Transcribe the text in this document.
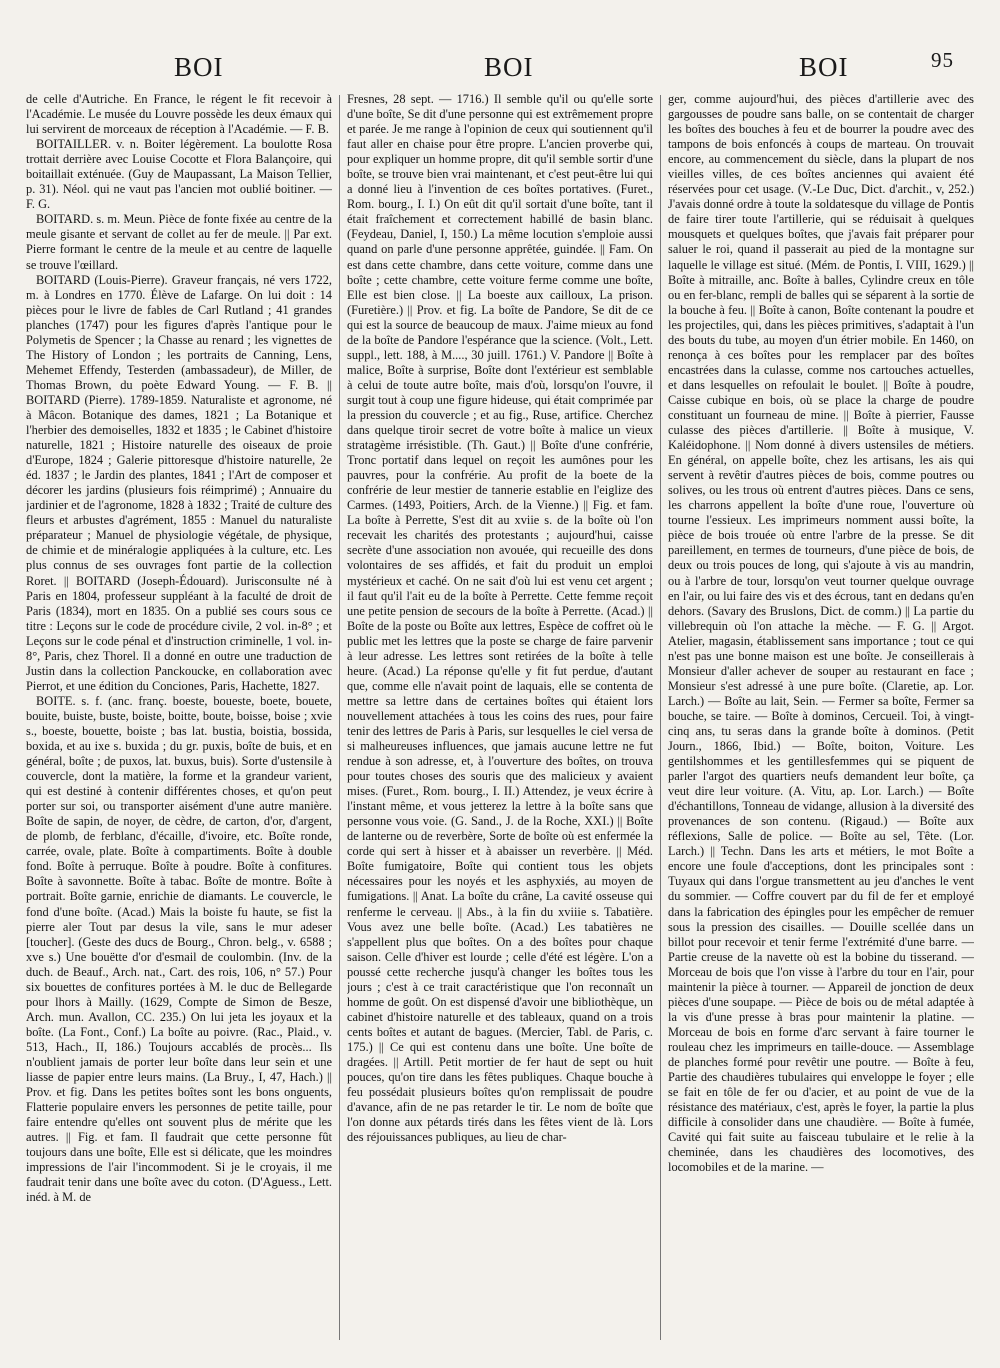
BOI	BOI	BOI	95

de celle d'Autriche. En France, le régent le fit recevoir à l'Académie. Le musée du Louvre possède les deux émaux qui lui servirent de morceaux de réception à l'Académie. — F. B.

BOITAILLER. v. n. Boiter légèrement. La boulotte Rosa trottait derrière avec Louise Cocotte et Flora Balançoire, qui boitaillait exténuée. (Guy de Maupassant, La Maison Tellier, p. 31). Néol. qui ne vaut pas l'ancien mot oublié boitiner. — F. G.

BOITARD. s. m. Meun. Pièce de fonte fixée au centre de la meule gisante et servant de collet au fer de meule. || Par ext. Pierre formant le centre de la meule et au centre de laquelle se trouve l'œillard.

BOITARD (Louis-Pierre). Graveur français, né vers 1722, m. à Londres en 1770. Élève de Lafarge. On lui doit : 14 pièces pour le livre de fables de Carl Rutland ; 41 grandes planches (1747) pour les figures d'après l'antique pour le Polymetis de Spencer ; la Chasse au renard ; les vignettes de The History of London ; les portraits de Canning, Lens, Mehemet Effendy, Testerden (ambassadeur), de Miller, de Thomas Brown, du poète Edward Young. — F. B. || BOITARD (Pierre). 1789-1859. Naturaliste et agronome, né à Mâcon. Botanique des dames, 1821 ; La Botanique et l'herbier des demoiselles, 1832 et 1835 ; le Cabinet d'histoire naturelle, 1821 ; Histoire naturelle des oiseaux de proie d'Europe, 1824 ; Galerie pittoresque d'histoire naturelle, 2e éd. 1837 ; le Jardin des plantes, 1841 ; l'Art de composer et décorer les jardins (plusieurs fois réimprimé) ; Annuaire du jardinier et de l'agronome, 1828 à 1832 ; Traité de culture des fleurs et arbustes d'agrément, 1855 : Manuel du naturaliste préparateur ; Manuel de physiologie végétale, de physique, de chimie et de minéralogie appliquées à la culture, etc. Les plus connus de ses ouvrages font partie de la collection Roret. || BOITARD (Joseph-Édouard). Jurisconsulte né à Paris en 1804, professeur suppléant à la faculté de droit de Paris (1834), mort en 1835. On a publié ses cours sous ce titre : Leçons sur le code de procédure civile, 2 vol. in-8° ; et Leçons sur le code pénal et d'instruction criminelle, 1 vol. in-8°, Paris, chez Thorel. Il a donné en outre une traduction de Justin dans la collection Panckoucke, en collaboration avec Pierrot, et une édition du Conciones, Paris, Hachette, 1827.

BOITE. s. f. (anc. franç. boeste, boueste, boete, bouete, bouite, buiste, buste, boiste, boitte, boute, boisse, boise ; xvie s., boeste, bouette, boiste ; bas lat. bustia, boistia, bossida, boxida, et au ixe s. buxida ; du gr. puxis, boîte de buis, et en général, boîte ; de puxos, lat. buxus, buis). Sorte d'ustensile à couvercle, dont la matière, la forme et la grandeur varient, qui est destiné à contenir différentes choses, et qu'on peut porter sur soi, ou transporter aisément d'une autre manière. Boîte de sapin, de noyer, de cèdre, de carton, d'or, d'argent, de plomb, de ferblanc, d'écaille, d'ivoire, etc. Boîte ronde, carrée, ovale, plate. Boîte à compartiments. Boîte à double fond. Boîte à perruque. Boîte à poudre. Boîte à confitures. Boîte à savonnette. Boîte à tabac. Boîte de montre. Boîte à portrait. Boîte garnie, enrichie de diamants. Le couvercle, le fond d'une boîte. (Acad.) Mais la boiste fu haute, se fist la pierre aler Tout par desus la vile, sans le mur adeser [toucher]. (Geste des ducs de Bourg., Chron. belg., v. 6588 ; xve s.) Une bouëtte d'or d'esmail de coulombin. (Inv. de la duch. de Beauf., Arch. nat., Cart. des rois, 106, n° 57.) Pour six bouettes de confitures portées à M. le duc de Bellegarde pour lhors à Mailly. (1629, Compte de Simon de Besze, Arch. mun. Avallon, CC. 235.) On lui jeta les joyaux et la boîte. (La Font., Conf.) La boîte au poivre. (Rac., Plaid., v. 513, Hach., II, 186.) Toujours accablés de procès... Ils n'oublient jamais de porter leur boîte dans leur sein et une liasse de papier entre leurs mains. (La Bruy., I, 47, Hach.) || Prov. et fig. Dans les petites boîtes sont les bons onguents, Flatterie populaire envers les personnes de petite taille, pour faire entendre qu'elles ont souvent plus de mérite que les autres. || Fig. et fam. Il faudrait que cette personne fût toujours dans une boîte, Elle est si délicate, que les moindres impressions de l'air l'incommodent. Si je le croyais, il me faudrait tenir dans une boîte avec du coton. (D'Aguess., Lett. inéd. à M. de

Fresnes, 28 sept. — 1716.) Il semble qu'il ou qu'elle sorte d'une boîte, Se dit d'une personne qui est extrêmement propre et parée. Je me range à l'opinion de ceux qui soutiennent qu'il faut aller en chaise pour être propre. L'ancien proverbe qui, pour expliquer un homme propre, dit qu'il semble sortir d'une boîte, se trouve bien vrai maintenant, et c'est peut-être lui qui a donné lieu à l'invention de ces boîtes portatives. (Furet., Rom. bourg., I. I.) On eût dit qu'il sortait d'une boîte, tant il était fraîchement et correctement habillé de basin blanc. (Feydeau, Daniel, I, 150.) La même locution s'emploie aussi quand on parle d'une personne apprêtée, guindée. || Fam. On est dans cette chambre, dans cette voiture, comme dans une boîte ; cette chambre, cette voiture ferme comme une boîte, Elle est bien close. || La boeste aux cailloux, La prison. (Furetière.) || Prov. et fig. La boîte de Pandore, Se dit de ce qui est la source de beaucoup de maux. J'aime mieux au fond de la boîte de Pandore l'espérance que la science. (Volt., Lett. suppl., lett. 188, à M...., 30 juill. 1761.) V. Pandore || Boîte à malice, Boîte à surprise, Boîte dont l'extérieur est semblable à celui de toute autre boîte, mais d'où, lorsqu'on l'ouvre, il surgit tout à coup une figure hideuse, qui était comprimée par la pression du couvercle ; et au fig., Ruse, artifice. Cherchez dans quelque tiroir secret de votre boîte à malice un vieux stratagème irrésistible. (Th. Gaut.) || Boîte d'une confrérie, Tronc portatif dans lequel on reçoit les aumônes pour les pauvres, pour la confrérie. Au profit de la boete de la confrérie de leur mestier de tannerie establie en l'eiglize des Carmes. (1493, Poitiers, Arch. de la Vienne.) || Fig. et fam. La boîte à Perrette, S'est dit au xviie s. de la boîte où l'on recevait les charités des protestants ; aujourd'hui, caisse secrète d'une association non avouée, qui recueille des dons volontaires de ses affidés, et fait du produit un emploi mystérieux et caché. On ne sait d'où lui est venu cet argent ; il faut qu'il l'ait eu de la boîte à Perrette. Cette femme reçoit une petite pension de secours de la boîte à Perrette. (Acad.) || Boîte de la poste ou Boîte aux lettres, Espèce de coffret où le public met les lettres que la poste se charge de faire parvenir à leur adresse. Les lettres sont retirées de la boîte à telle heure. (Acad.) La réponse qu'elle y fit fut perdue, d'autant que, comme elle n'avait point de laquais, elle se contenta de mettre sa lettre dans de certaines boîtes qui étaient lors nouvellement attachées à tous les coins des rues, pour faire tenir des lettres de Paris à Paris, sur lesquelles le ciel versa de si malheureuses influences, que jamais aucune lettre ne fut rendue à son adresse, et, à l'ouverture des boîtes, on trouva pour toutes choses des souris que des malicieux y avaient mises. (Furet., Rom. bourg., I. II.) Attendez, je veux écrire à l'instant même, et vous jetterez la lettre à la boîte sans que personne vous voie. (G. Sand., J. de la Roche, XXI.) || Boîte de lanterne ou de reverbère, Sorte de boîte où est enfermée la corde qui sert à hisser et à abaisser un reverbère. || Méd. Boîte fumigatoire, Boîte qui contient tous les objets nécessaires pour les noyés et les asphyxiés, au moyen de fumigations. || Anat. La boîte du crâne, La cavité osseuse qui renferme le cerveau. || Abs., à la fin du xviiie s. Tabatière. Vous avez une belle boîte. (Acad.) Les tabatières ne s'appellent plus que boîtes. On a des boîtes pour chaque saison. Celle d'hiver est lourde ; celle d'été est légère. L'on a poussé cette recherche jusqu'à changer les boîtes tous les jours ; c'est à ce trait caractéristique que l'on reconnaît un homme de goût. On est dispensé d'avoir une bibliothèque, un cabinet d'histoire naturelle et des tableaux, quand on a trois cents boîtes et autant de bagues. (Mercier, Tabl. de Paris, c. 175.) || Ce qui est contenu dans une boîte. Une boîte de dragées. || Artill. Petit mortier de fer haut de sept ou huit pouces, qu'on tire dans les fêtes publiques. Chaque bouche à feu possédait plusieurs boîtes qu'on remplissait de poudre d'avance, afin de ne pas retarder le tir. Le nom de boîte que l'on donne aux pétards tirés dans les fêtes vient de là. Lors des réjouissances publiques, au lieu de char-

ger, comme aujourd'hui, des pièces d'artillerie avec des gargousses de poudre sans balle, on se contentait de charger les boîtes des bouches à feu et de bourrer la poudre avec des tampons de bois enfoncés à coups de marteau. On trouvait encore, au commencement du siècle, dans la plupart de nos vieilles villes, de ces boîtes anciennes qui avaient été réservées pour cet usage. (V.-Le Duc, Dict. d'archit., v, 252.) J'avais donné ordre à toute la soldatesque du village de Pontis de faire tirer toute l'artillerie, qui se réduisait à quelques mousquets et quelques boîtes, que j'avais fait préparer pour saluer le roi, quand il passerait au pied de la montagne sur laquelle le village est situé. (Mém. de Pontis, I. VIII, 1629.) || Boîte à mitraille, anc. Boîte à balles, Cylindre creux en tôle ou en fer-blanc, rempli de balles qui se séparent à la sortie de la bouche à feu. || Boîte à canon, Boîte contenant la poudre et les projectiles, qui, dans les pièces primitives, s'adaptait à l'un des bouts du tube, au moyen d'un étrier mobile. En 1460, on renonça à ces boîtes pour les remplacer par des boîtes encastrées dans la culasse, comme nos cartouches actuelles, et dans lesquelles on refoulait le boulet. || Boîte à poudre, Caisse cubique en bois, où se place la charge de poudre constituant un fourneau de mine. || Boîte à pierrier, Fausse culasse des pièces d'artillerie. || Boîte à musique, V. Kaléidophone. || Nom donné à divers ustensiles de métiers. En général, on appelle boîte, chez les artisans, les ais qui servent à revêtir d'autres pièces de bois, comme poutres ou solives, ou les trous où entrent d'autres pièces. Dans ce sens, les charrons appellent la boîte d'une roue, l'ouverture où tourne l'essieux. Les imprimeurs nomment aussi boîte, la pièce de bois trouée où entre l'arbre de la presse. Se dit pareillement, en termes de tourneurs, d'une pièce de bois, de deux ou trois pouces de long, qui s'ajoute à vis au mandrin, ou à l'arbre de tour, lorsqu'on veut tourner quelque ouvrage en l'air, ou lui faire des vis et des écrous, tant en dedans qu'en dehors. (Savary des Bruslons, Dict. de comm.) || La partie du villebrequin où l'on attache la mèche. — F. G. || Argot. Atelier, magasin, établissement sans importance ; tout ce qui n'est pas une bonne maison est une boîte. Je conseillerais à Monsieur d'aller achever de souper au restaurant en face ; Monsieur s'est adressé à une pure boîte. (Claretie, ap. Lor. Larch.) — Boîte au lait, Sein. — Fermer sa boîte, Fermer sa bouche, se taire. — Boîte à dominos, Cercueil. Toi, à vingt-cinq ans, tu seras dans la grande boîte à dominos. (Petit Journ., 1866, Ibid.) — Boîte, boiton, Voiture. Les gentilshommes et les gentillesfemmes qui se piquent de parler l'argot des quartiers neufs demandent leur boîte, ça veut dire leur voiture. (A. Vitu, ap. Lor. Larch.) — Boîte d'échantillons, Tonneau de vidange, allusion à la diversité des provenances de son contenu. (Rigaud.) — Boîte aux réflexions, Salle de police. — Boîte au sel, Tête. (Lor. Larch.) || Techn. Dans les arts et métiers, le mot Boîte a encore une foule d'acceptions, dont les principales sont : Tuyaux qui dans l'orgue transmettent au jeu d'anches le vent du sommier. — Coffre couvert par du fil de fer et employé dans la fabrication des épingles pour les empêcher de remuer sous la pression des cisailles. — Douille scellée dans un billot pour recevoir et tenir ferme l'extrémité d'une barre. — Partie creuse de la navette où est la bobine du tisserand. — Morceau de bois que l'on visse à l'arbre du tour en l'air, pour maintenir la pièce à tourner. — Appareil de jonction de deux pièces d'une soupape. — Pièce de bois ou de métal adaptée à la vis d'une presse à bras pour maintenir la platine. — Morceau de bois en forme d'arc servant à faire tourner le rouleau chez les imprimeurs en taille-douce. — Assemblage de planches formé pour revêtir une poutre. — Boîte à feu, Partie des chaudières tubulaires qui enveloppe le foyer ; elle se fait en tôle de fer ou d'acier, et au point de vue de la résistance des matériaux, c'est, après le foyer, la partie la plus difficile à consolider dans une chaudière. — Boîte à fumée, Cavité qui fait suite au faisceau tubulaire et le relie à la cheminée, dans les chaudières des locomotives, des locomobiles et de la marine. —
